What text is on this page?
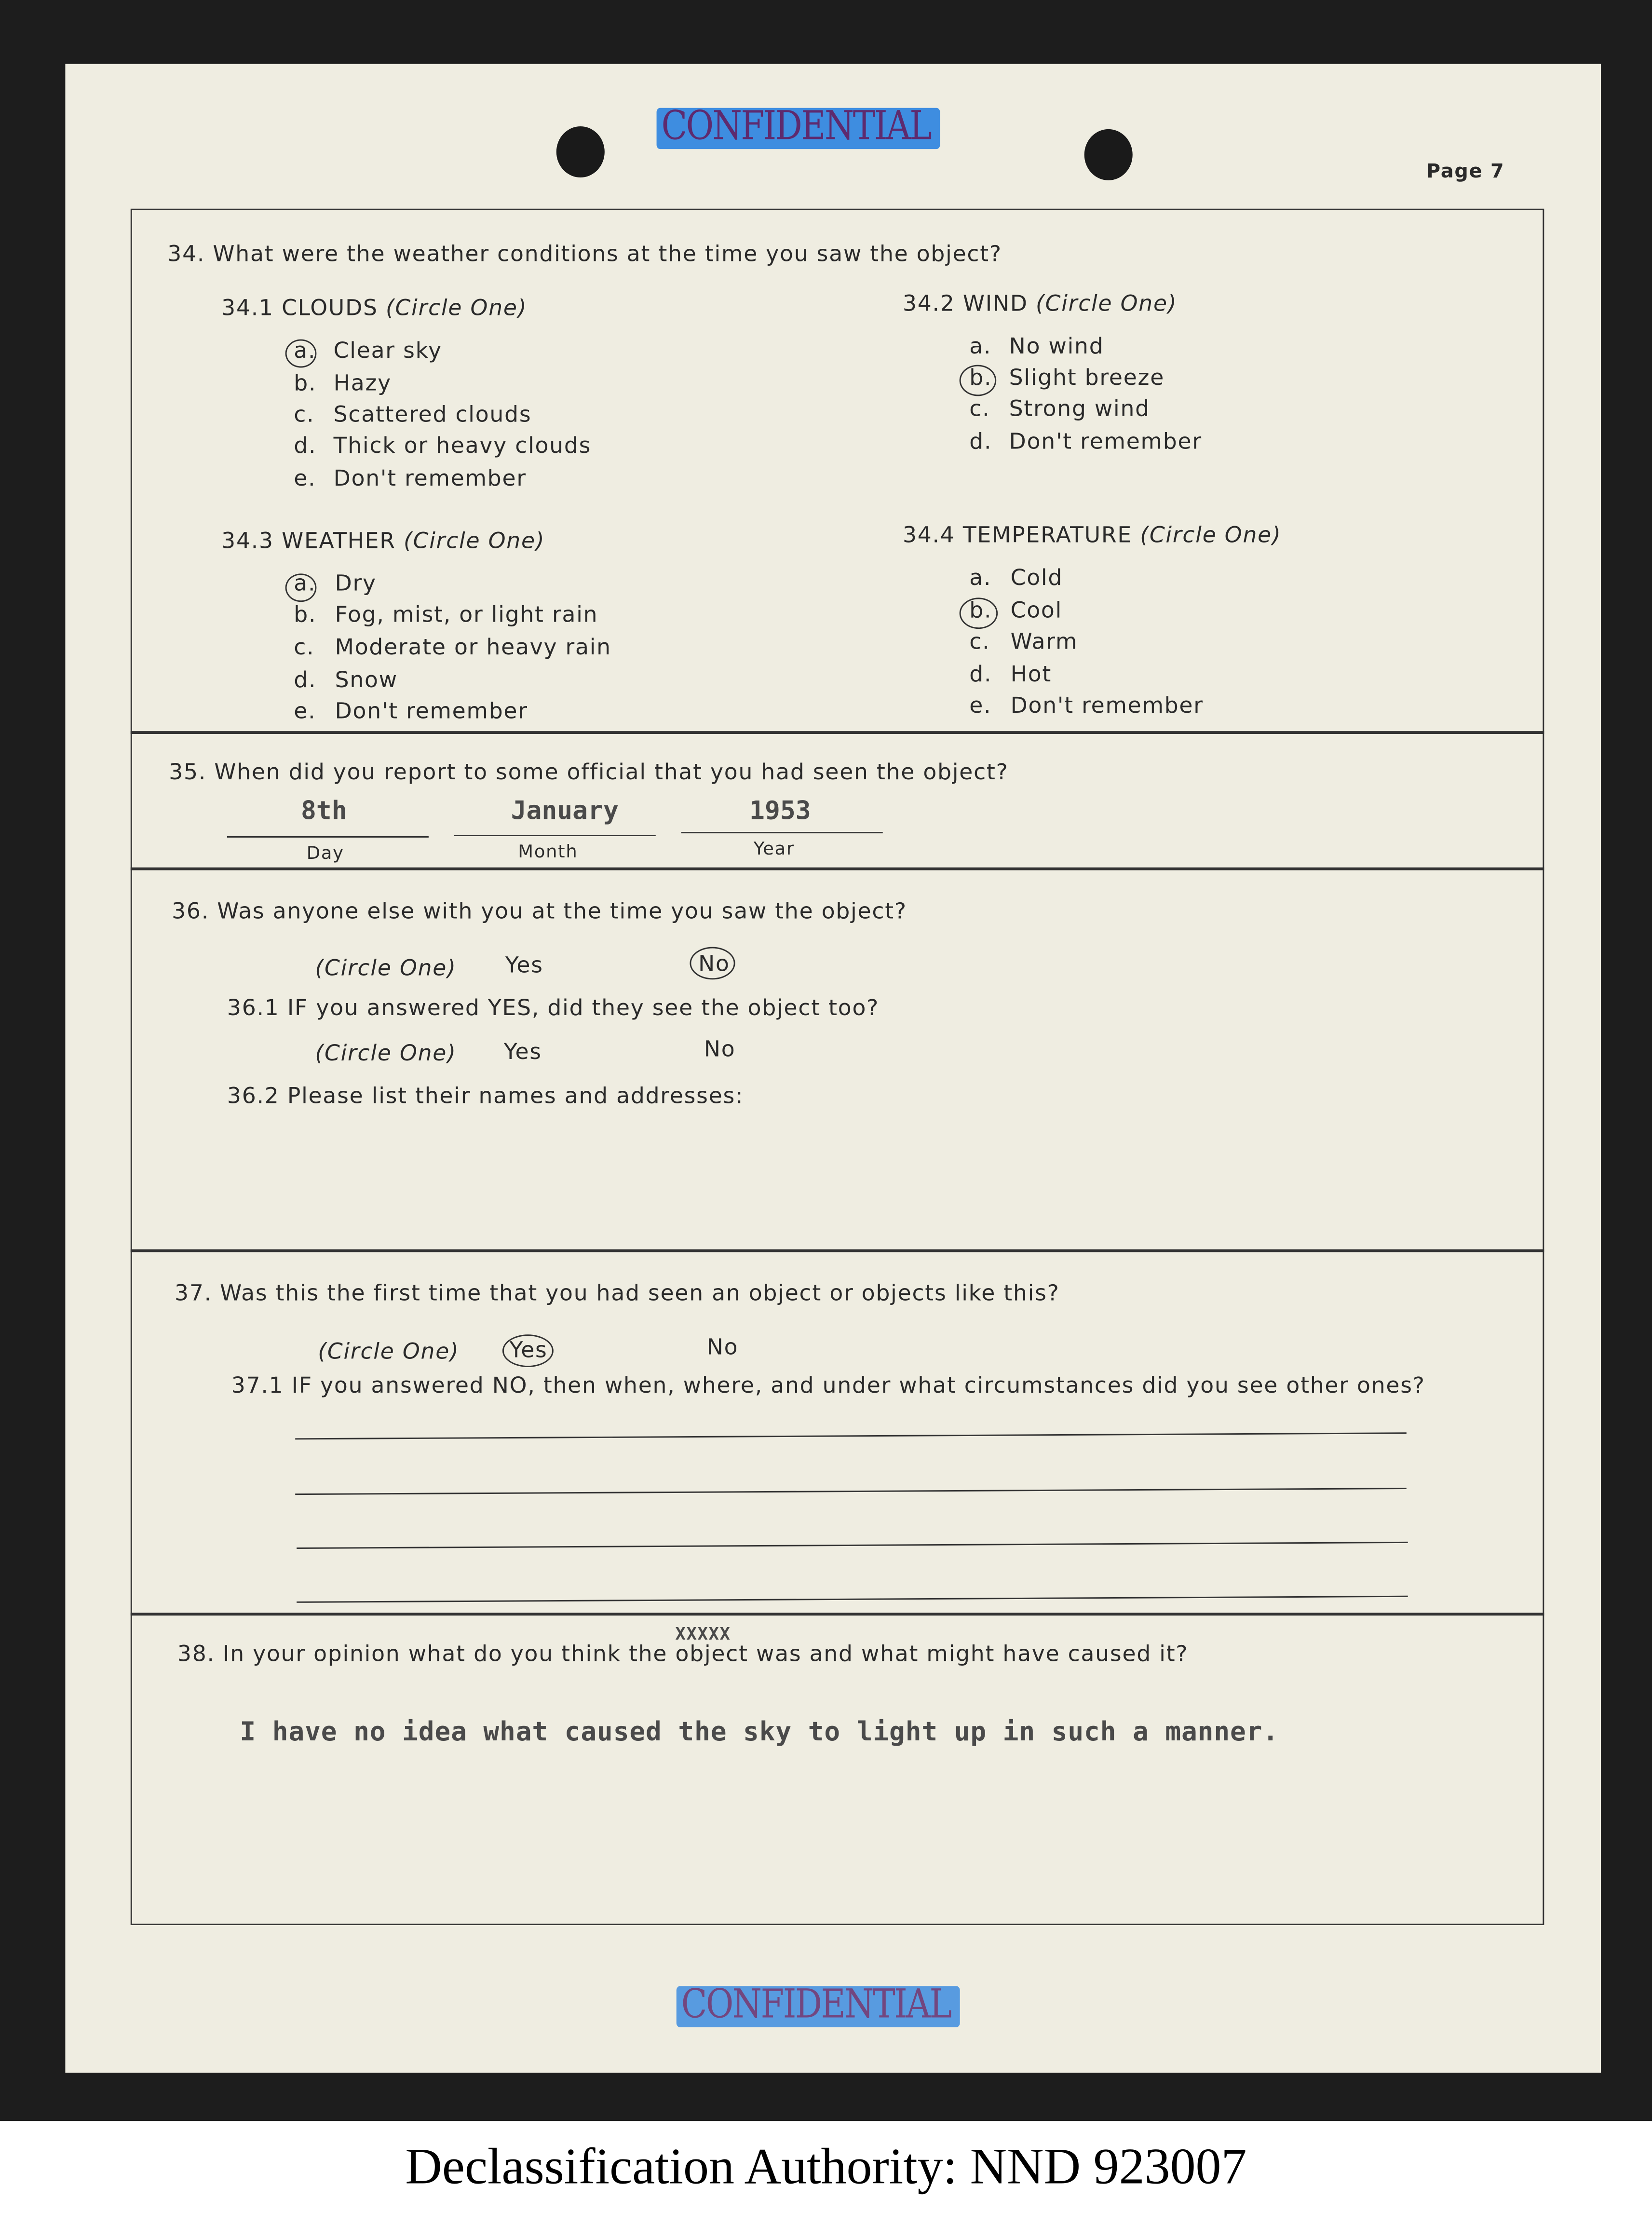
CONFIDENTIAL
Page 7
34. What were the weather conditions at the time you saw the object?
34.1 CLOUDS (Circle One)
a. Clear sky
b. Hazy
c.	Scattered clouds
d. Thick or heavy clouds
e. Don't remember
34.2 WIND (Circle One)
a. No wind
b. Slight breeze
c.	Strong wind
d. Don't remember
34.3 WEATHER (Circle One)
a.	Dry
b. Fog, mist, or light rain
c.	Moderate or heavy rain
d. Snow
e.	Don't remember
34.4 TEMPERATURE (Circle One)
a.	Cold
b. Cool
c.	Warm
d. Hot
e.	Don't remember
35. When did you report to some official that you had seen the object?
8th	January	1953
Day	Month	Year
36. Was anyone else with you at the time you saw the object?
(Circle One)	Yes	No
36.1 IF you answered YES, did they see the object too?
(Circle One)	Yes	No
36.2 Please list their names and addresses:
37. Was this the first time that you had seen an object or objects like this?
(Circle One)	Yes	No
37.1 IF you answered NO, then when, where, and under what circumstances did you see other ones?
38. In your opinion what do you think the object
XXXXX
was and what might have caused it?
I have no idea what caused the sky to light up in such a manner.
CONFIDENTIAL
Declassification Authority: NND 923007
